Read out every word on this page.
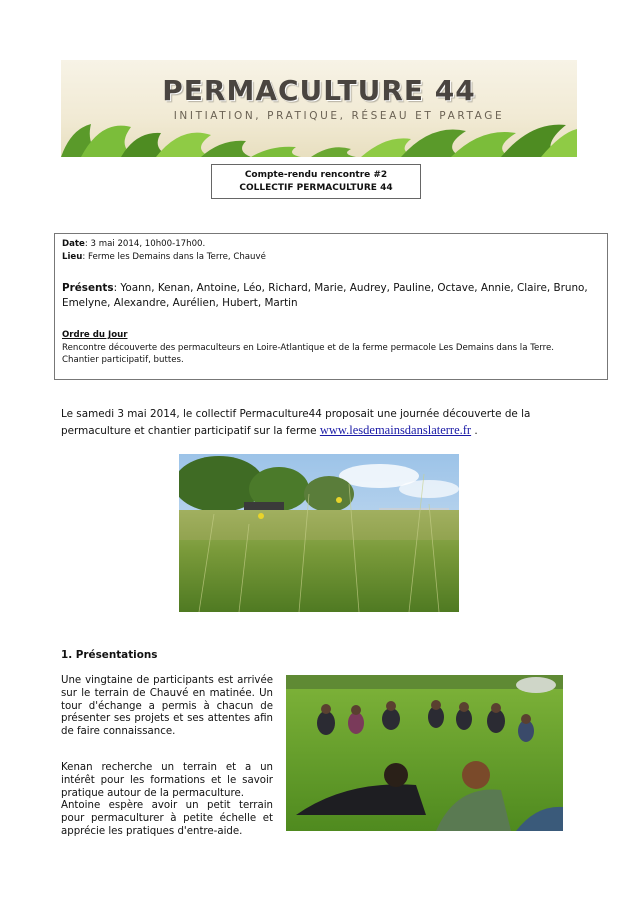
PERMACULTURE 44
INITIATION, PRATIQUE, RÉSEAU ET PARTAGE
Compte-rendu rencontre #2
COLLECTIF PERMACULTURE 44
Date: 3 mai 2014, 10h00-17h00.
Lieu: Ferme les Demains dans la Terre, Chauvé
Présents: Yoann, Kenan, Antoine, Léo, Richard, Marie, Audrey, Pauline, Octave, Annie, Claire, Bruno, Emelyne, Alexandre, Aurélien, Hubert, Martin
Ordre du Jour
Rencontre découverte des permaculteurs en Loire-Atlantique et de la ferme permacole Les Demains dans la Terre.
Chantier participatif, buttes.
Le samedi 3 mai 2014, le collectif Permaculture44 proposait une journée découverte de la permaculture et chantier participatif sur la ferme www.lesdemainsdanslaterre.fr .
1. Présentations
Une vingtaine de participants est arrivée sur le terrain de Chauvé en matinée. Un tour d'échange a permis à chacun de présenter ses projets et ses attentes afin de faire connaissance.
Kenan recherche un terrain et a un intérêt pour les formations et le savoir pratique autour de la permaculture.
Antoine espère avoir un petit terrain pour permaculturer à petite échelle et apprécie les pratiques d'entre-aide.
